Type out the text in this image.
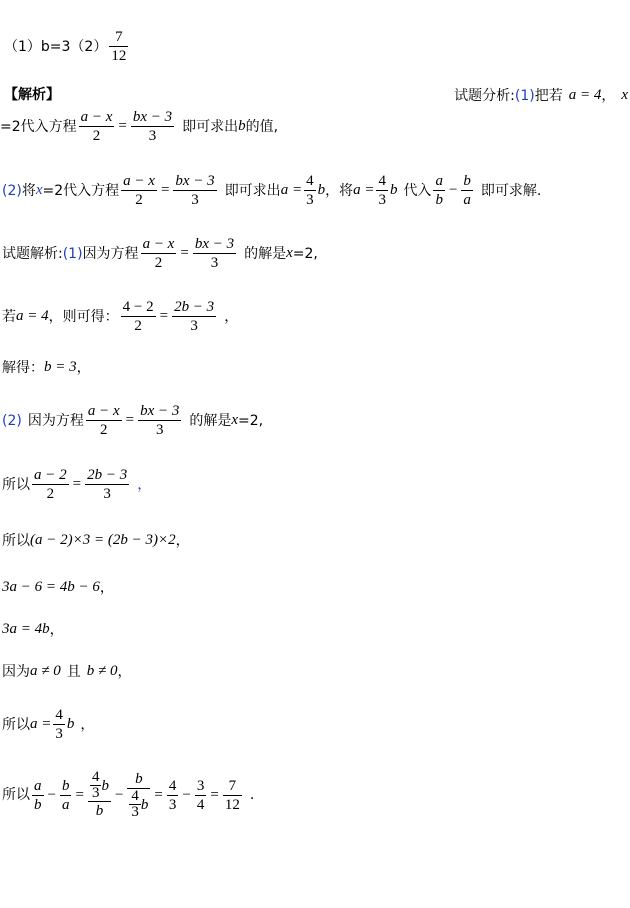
$(1)b=3(2) \frac{7}{12}$
【解析】	试题分析: (1) 把若 a = 4 ， x
=2代入方程 $\frac{a - x}{2} = \frac{bx - 3}{3}$ 即可求出 b 的值,
(2) 将 x =2代入方程 $\frac{a - x}{2} = \frac{bx - 3}{3}$ 即可求出 $a = \frac{4}{3}$ b ，将 $a = \frac{4}{3}$ b 代入 $\frac{a}{b} - \frac{b}{a}$ 即可求解.
试题解析: (1) 因为方程 $\frac{a - x}{2} = \frac{bx - 3}{3}$ 的解是 x =2,
若 a = 4 ，则可得： $\frac{4 - 2}{2} = \frac{2b - 3}{3}$ ，
解得： b = 3 ，
(2) 因为方程 $\frac{a - x}{2} = \frac{bx - 3}{3}$ 的解是 x =2,
所以 $\frac{a - 2}{2} = \frac{2b - 3}{3}$ ，
所以 (a − 2)×3 = (2b − 3)×2 ，
3a − 6 = 4b − 6 ，
3a = 4b ，
因为 a ≠ 0 且 b ≠ 0 ，
所以 $a = \frac{4}{3}$ b ，
所以 $\frac{a}{b} - \frac{b}{a} = \frac{\frac{4}{3} b}{b} - \frac{b}{\frac{4}{3} b} = \frac{4}{3} - \frac{3}{4} = \frac{7}{12}$ .
